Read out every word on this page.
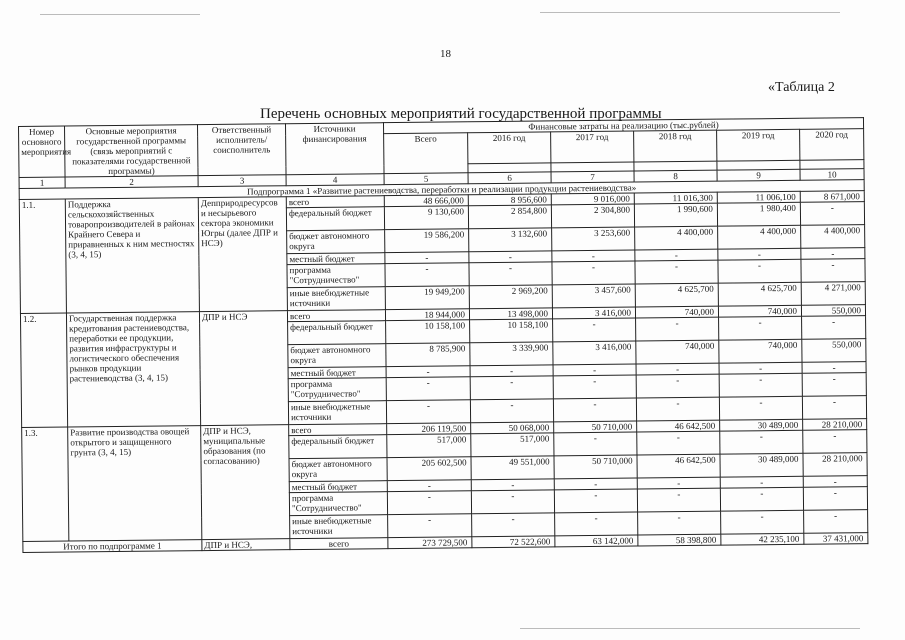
18
«Таблица 2
Перечень основных мероприятий государственной программы
Номер основного мероприятия	Основные мероприятия государственной программы (связь мероприятий с показателями государственной программы)	Ответственный исполнитель/соисполнитель	Источники финансирования	Финансовые затраты на реализацию (тыс.рублей)					
				Всего	2016 год	2017 год	2018 год	2019 год	2020 год

1	2	3	4	5	6	7	8	9	10
Подпрограмма 1 «Развитие растениеводства, переработки и реализации продукции растениеводства»									
1.1.	Поддержка сельскохозяйственных товаропроизводителей в районах Крайнего Севера и приравненных к ним местностях (3, 4, 15)	Депприродресурсов и несырьевого сектора экономики Югры (далее ДПР и НСЭ)	всего	48 666,000	8 956,600	9 016,000	11 016,300	11 006,100	8 671,000
			федеральный бюджет	9 130,600	2 854,800	2 304,800	1 990,600	1 980,400	-
			бюджет автономного округа	19 586,200	3 132,600	3 253,600	4 400,000	4 400,000	4 400,000
			местный бюджет	-	-	-	-	-	-
			программа "Сотрудничество"	-	-	-	-	-	-
			иные внебюджетные источники	19 949,200	2 969,200	3 457,600	4 625,700	4 625,700	4 271,000
1.2.	Государственная поддержка кредитования растениеводства, переработки ее продукции, развития инфраструктуры и логистического обеспечения рынков продукции растениеводства (3, 4, 15)	ДПР и НСЭ	всего	18 944,000	13 498,000	3 416,000	740,000	740,000	550,000
			федеральный бюджет	10 158,100	10 158,100	-	-	-	-
			бюджет автономного округа	8 785,900	3 339,900	3 416,000	740,000	740,000	550,000
			местный бюджет	-	-	-	-	-	-
			программа "Сотрудничество"	-	-	-	-	-	-
			иные внебюджетные источники	-	-	-	-	-	-
1.3.	Развитие производства овощей открытого и защищенного грунта (3, 4, 15)	ДПР и НСЭ, муниципальные образования (по согласованию)	всего	206 119,500	50 068,000	50 710,000	46 642,500	30 489,000	28 210,000
			федеральный бюджет	517,000	517,000	-	-	-	-
			бюджет автономного округа	205 602,500	49 551,000	50 710,000	46 642,500	30 489,000	28 210,000
			местный бюджет	-	-	-	-	-	-
			программа "Сотрудничество"	-	-	-	-	-	-
			иные внебюджетные источники	-	-	-	-	-	-
Итого по подпрограмме 1		ДПР и НСЭ,	всего	273 729,500	72 522,600	63 142,000	58 398,800	42 235,100	37 431,000
